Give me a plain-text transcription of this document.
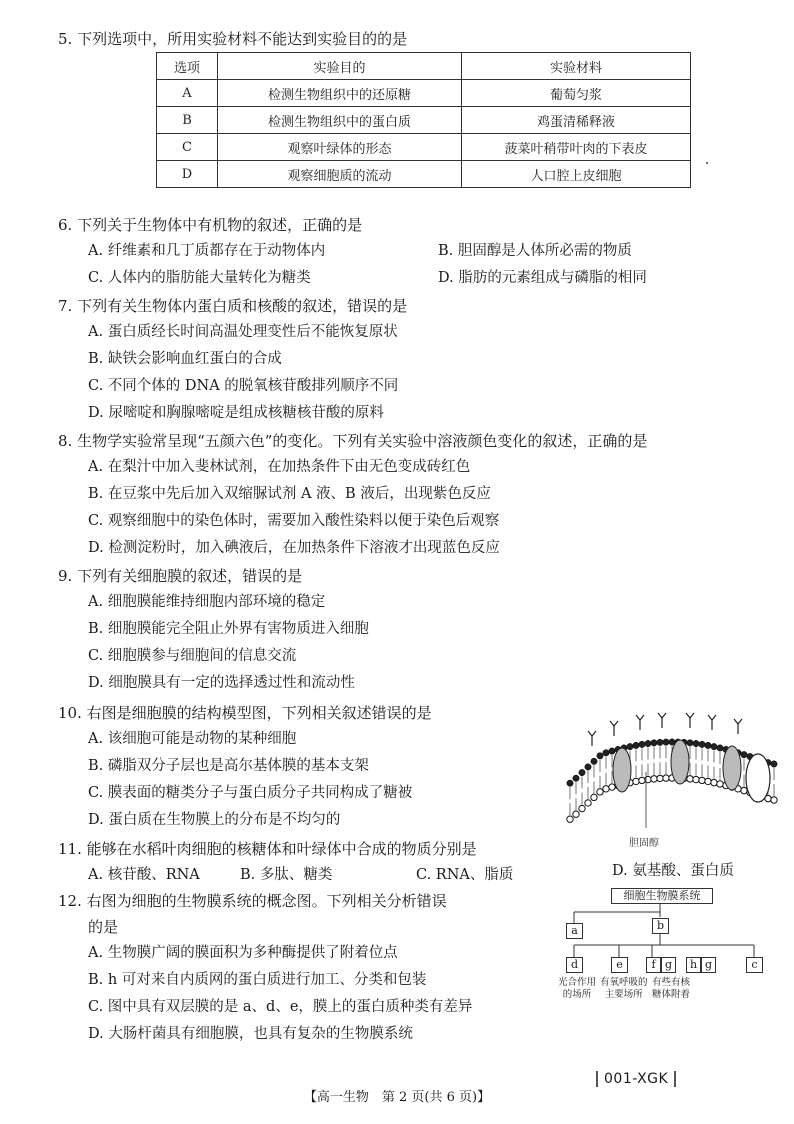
5. 下列选项中，所用实验材料不能达到实验目的的是
选项	实验目的	实验材料
A	检测生物组织中的还原糖	葡萄匀浆
B	检测生物组织中的蛋白质	鸡蛋清稀释液
C	观察叶绿体的形态	菠菜叶稍带叶肉的下表皮
D	观察细胞质的流动	人口腔上皮细胞
6. 下列关于生物体中有机物的叙述，正确的是
A. 纤维素和几丁质都存在于动物体内	B. 胆固醇是人体所必需的物质
C. 人体内的脂肪能大量转化为糖类	D. 脂肪的元素组成与磷脂的相同
7. 下列有关生物体内蛋白质和核酸的叙述，错误的是
A. 蛋白质经长时间高温处理变性后不能恢复原状
B. 缺铁会影响血红蛋白的合成
C. 不同个体的 DNA 的脱氧核苷酸排列顺序不同
D. 尿嘧啶和胸腺嘧啶是组成核糖核苷酸的原料
8. 生物学实验常呈现“五颜六色”的变化。下列有关实验中溶液颜色变化的叙述，正确的是
A. 在梨汁中加入斐林试剂，在加热条件下由无色变成砖红色
B. 在豆浆中先后加入双缩脲试剂 A 液、B 液后，出现紫色反应
C. 观察细胞中的染色体时，需要加入酸性染料以便于染色后观察
D. 检测淀粉时，加入碘液后，在加热条件下溶液才出现蓝色反应
9. 下列有关细胞膜的叙述，错误的是
A. 细胞膜能维持细胞内部环境的稳定
B. 细胞膜能完全阻止外界有害物质进入细胞
C. 细胞膜参与细胞间的信息交流
D. 细胞膜具有一定的选择透过性和流动性
10. 右图是细胞膜的结构模型图，下列相关叙述错误的是
A. 该细胞可能是动物的某种细胞
B. 磷脂双分子层也是高尔基体膜的基本支架
C. 膜表面的糖类分子与蛋白质分子共同构成了糖被
D. 蛋白质在生物膜上的分布是不均匀的
胆固醇
11. 能够在水稻叶肉细胞的核糖体和叶绿体中合成的物质分别是
A. 核苷酸、RNA	B. 多肽、糖类	C. RNA、脂质	D. 氨基酸、蛋白质
12. 右图为细胞的生物膜系统的概念图。下列相关分析错误
的是
A. 生物膜广阔的膜面积为多种酶提供了附着位点
B. h 可对来自内质网的蛋白质进行加工、分类和包装
C. 图中具有双层膜的是 a、d、e，膜上的蛋白质种类有差异
D. 大肠杆菌具有细胞膜，也具有复杂的生物膜系统
细胞生物膜系统
a	b
d	e	f g	h g	c
光合作用
的场所
有氧呼吸的
主要场所
有些有核
糖体附着
【高一生物　第 2 页(共 6 页)】
001-XGK
